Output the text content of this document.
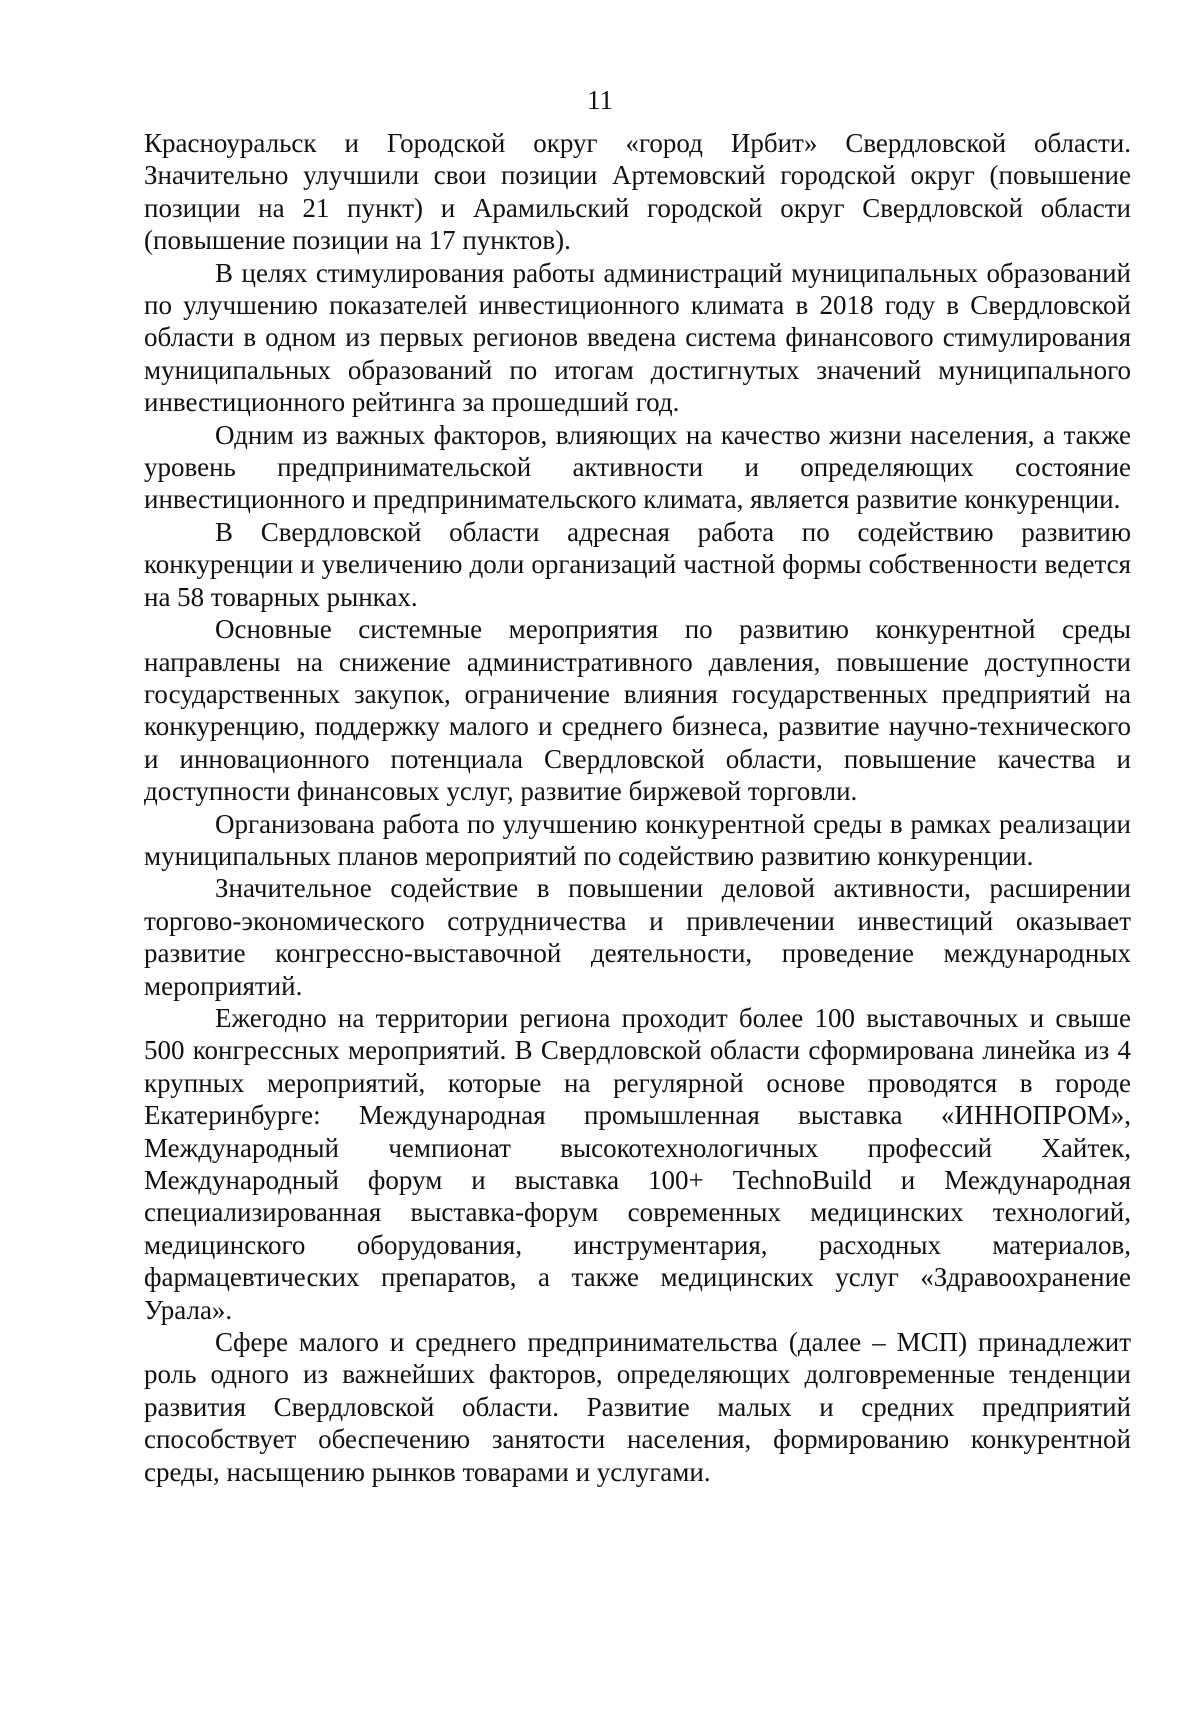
11

Красноуральск и Городской округ «город Ирбит» Свердловской области. Значительно улучшили свои позиции Артемовский городской округ (повышение позиции на 21 пункт) и Арамильский городской округ Свердловской области (повышение позиции на 17 пунктов).

В целях стимулирования работы администраций муниципальных образований по улучшению показателей инвестиционного климата в 2018 году в Свердловской области в одном из первых регионов введена система финансового стимулирования муниципальных образований по итогам достигнутых значений муниципального инвестиционного рейтинга за прошедший год.

Одним из важных факторов, влияющих на качество жизни населения, а также уровень предпринимательской активности и определяющих состояние инвестиционного и предпринимательского климата, является развитие конкуренции.

В Свердловской области адресная работа по содействию развитию конкуренции и увеличению доли организаций частной формы собственности ведется на 58 товарных рынках.

Основные системные мероприятия по развитию конкурентной среды направлены на снижение административного давления, повышение доступности государственных закупок, ограничение влияния государственных предприятий на конкуренцию, поддержку малого и среднего бизнеса, развитие научно-технического и инновационного потенциала Свердловской области, повышение качества и доступности финансовых услуг, развитие биржевой торговли.

Организована работа по улучшению конкурентной среды в рамках реализации муниципальных планов мероприятий по содействию развитию конкуренции.

Значительное содействие в повышении деловой активности, расширении торгово-экономического сотрудничества и привлечении инвестиций оказывает развитие конгрессно-выставочной деятельности, проведение международных мероприятий.

Ежегодно на территории региона проходит более 100 выставочных и свыше 500 конгрессных мероприятий. В Свердловской области сформирована линейка из 4 крупных мероприятий, которые на регулярной основе проводятся в городе Екатеринбурге: Международная промышленная выставка «ИННОПРОМ», Международный чемпионат высокотехнологичных профессий Хайтек, Международный форум и выставка 100+ TechnoBuild и Международная специализированная выставка-форум современных медицинских технологий, медицинского оборудования, инструментария, расходных материалов, фармацевтических препаратов, а также медицинских услуг «Здравоохранение Урала».

Сфере малого и среднего предпринимательства (далее – МСП) принадлежит роль одного из важнейших факторов, определяющих долговременные тенденции развития Свердловской области. Развитие малых и средних предприятий способствует обеспечению занятости населения, формированию конкурентной среды, насыщению рынков товарами и услугами.
